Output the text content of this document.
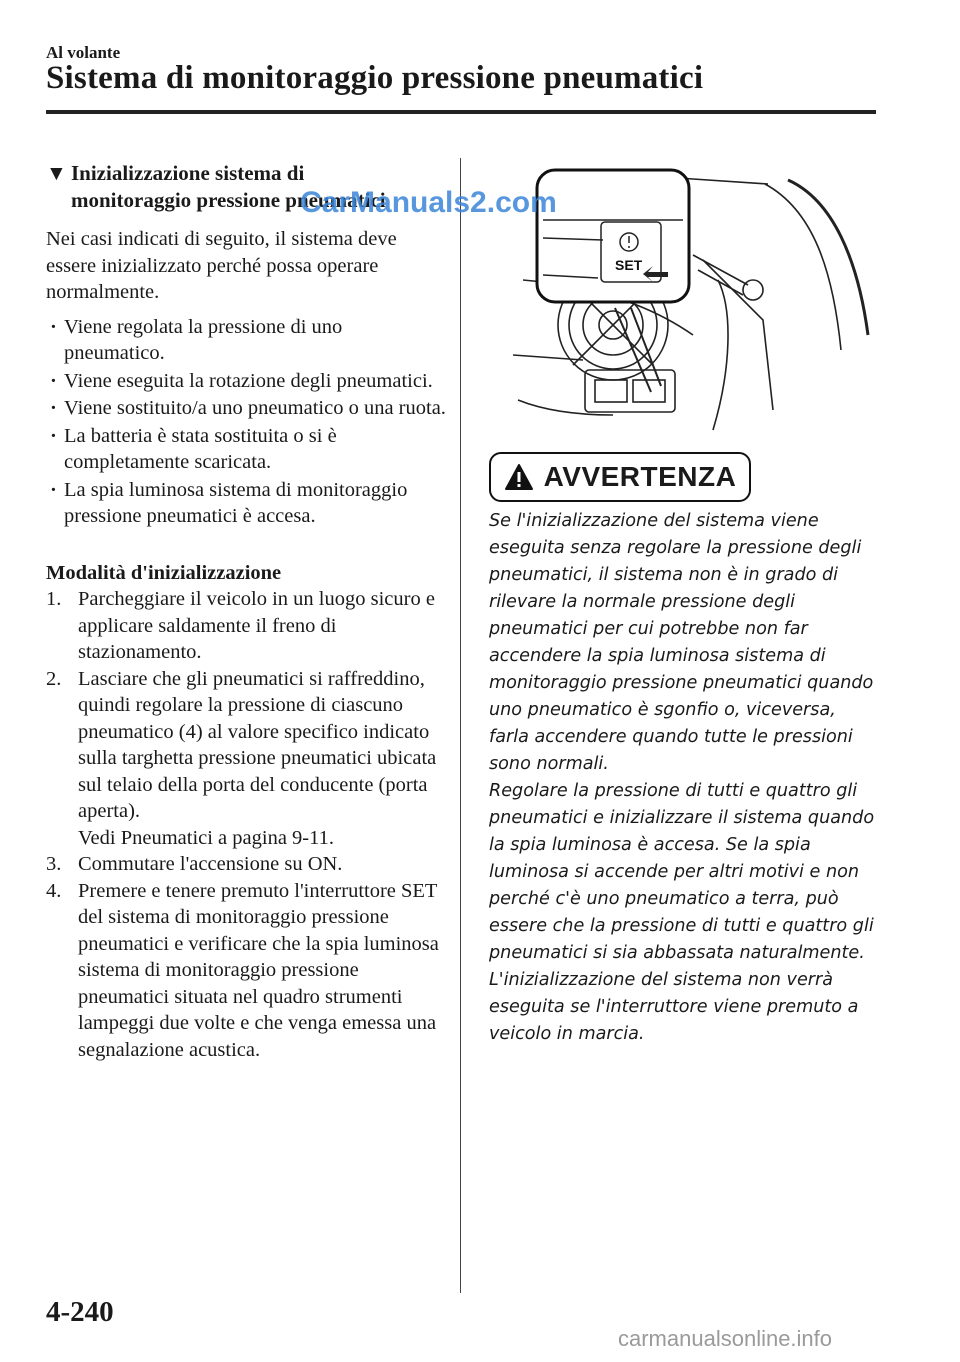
Al volante
Sistema di monitoraggio pressione pneumatici
▼ Inizializzazione sistema di
monitoraggio pressione pneumatici
Nei casi indicati di seguito, il sistema deve essere inizializzato perché possa operare normalmente.
· Viene regolata la pressione di uno pneumatico.
· Viene eseguita la rotazione degli pneumatici.
· Viene sostituito/a uno pneumatico o una ruota.
· La batteria è stata sostituita o si è completamente scaricata.
· La spia luminosa sistema di monitoraggio pressione pneumatici è accesa.
Modalità d'inizializzazione
1. Parcheggiare il veicolo in un luogo sicuro e applicare saldamente il freno di stazionamento.
2. Lasciare che gli pneumatici si raffreddino, quindi regolare la pressione di ciascuno pneumatico (4) al valore specifico indicato sulla targhetta pressione pneumatici ubicata sul telaio della porta del conducente (porta aperta).
Vedi Pneumatici a pagina 9-11.
3. Commutare l'accensione su ON.
4. Premere e tenere premuto l'interruttore SET del sistema di monitoraggio pressione pneumatici e verificare che la spia luminosa sistema di monitoraggio pressione pneumatici situata nel quadro strumenti lampeggi due volte e che venga emessa una segnalazione acustica.
SET
AVVERTENZA

Se l'inizializzazione del sistema viene eseguita senza regolare la pressione degli pneumatici, il sistema non è in grado di rilevare la normale pressione degli pneumatici per cui potrebbe non far accendere la spia luminosa sistema di monitoraggio pressione pneumatici quando uno pneumatico è sgonfio o, viceversa, farla accendere quando tutte le pressioni sono normali.

Regolare la pressione di tutti e quattro gli pneumatici e inizializzare il sistema quando la spia luminosa è accesa. Se la spia luminosa si accende per altri motivi e non perché c'è uno pneumatico a terra, può essere che la pressione di tutti e quattro gli pneumatici si sia abbassata naturalmente. L'inizializzazione del sistema non verrà eseguita se l'interruttore viene premuto a veicolo in marcia.

CarManuals2.com
4-240
carmanualsonline.info
